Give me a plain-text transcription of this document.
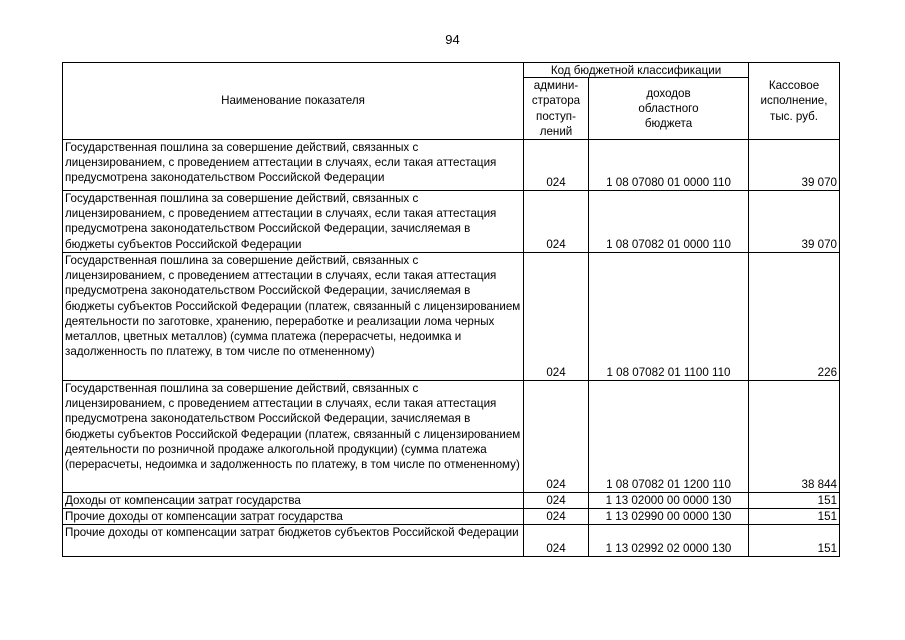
94
Наименование показателя	Код бюджетной классификации		Кассовое исполнение, тыс. руб.
	админи-стратора поступ-лений	доходов областного бюджета	
Государственная пошлина за совершение действий, связанных с лицензированием, с проведением аттестации в случаях, если такая аттестация предусмотрена законодательством Российской Федерации	024	1 08 07080 01 0000 110	39 070
Государственная пошлина за совершение действий, связанных с лицензированием, с проведением аттестации в случаях, если такая аттестация предусмотрена законодательством Российской Федерации, зачисляемая в бюджеты субъектов Российской Федерации	024	1 08 07082 01 0000 110	39 070
Государственная пошлина за совершение действий, связанных с лицензированием, с проведением аттестации в случаях, если такая аттестация предусмотрена законодательством Российской Федерации, зачисляемая в бюджеты субъектов Российской Федерации (платеж, связанный с лицензированием деятельности по заготовке, хранению, переработке и реализации лома черных металлов, цветных металлов) (сумма платежа (перерасчеты, недоимка и задолженность по платежу, в том числе по отмененному)	024	1 08 07082 01 1100 110	226
Государственная пошлина за совершение действий, связанных с лицензированием, с проведением аттестации в случаях, если такая аттестация предусмотрена законодательством Российской Федерации, зачисляемая в бюджеты субъектов Российской Федерации (платеж, связанный с лицензированием деятельности по розничной продаже алкогольной продукции) (сумма платежа (перерасчеты, недоимка и задолженность по платежу, в том числе по отмененному)	024	1 08 07082 01 1200 110	38 844
Доходы от компенсации затрат государства	024	1 13 02000 00 0000 130	151
Прочие доходы от компенсации затрат государства	024	1 13 02990 00 0000 130	151
Прочие доходы от компенсации затрат бюджетов субъектов Российской Федерации	024	1 13 02992 02 0000 130	151
